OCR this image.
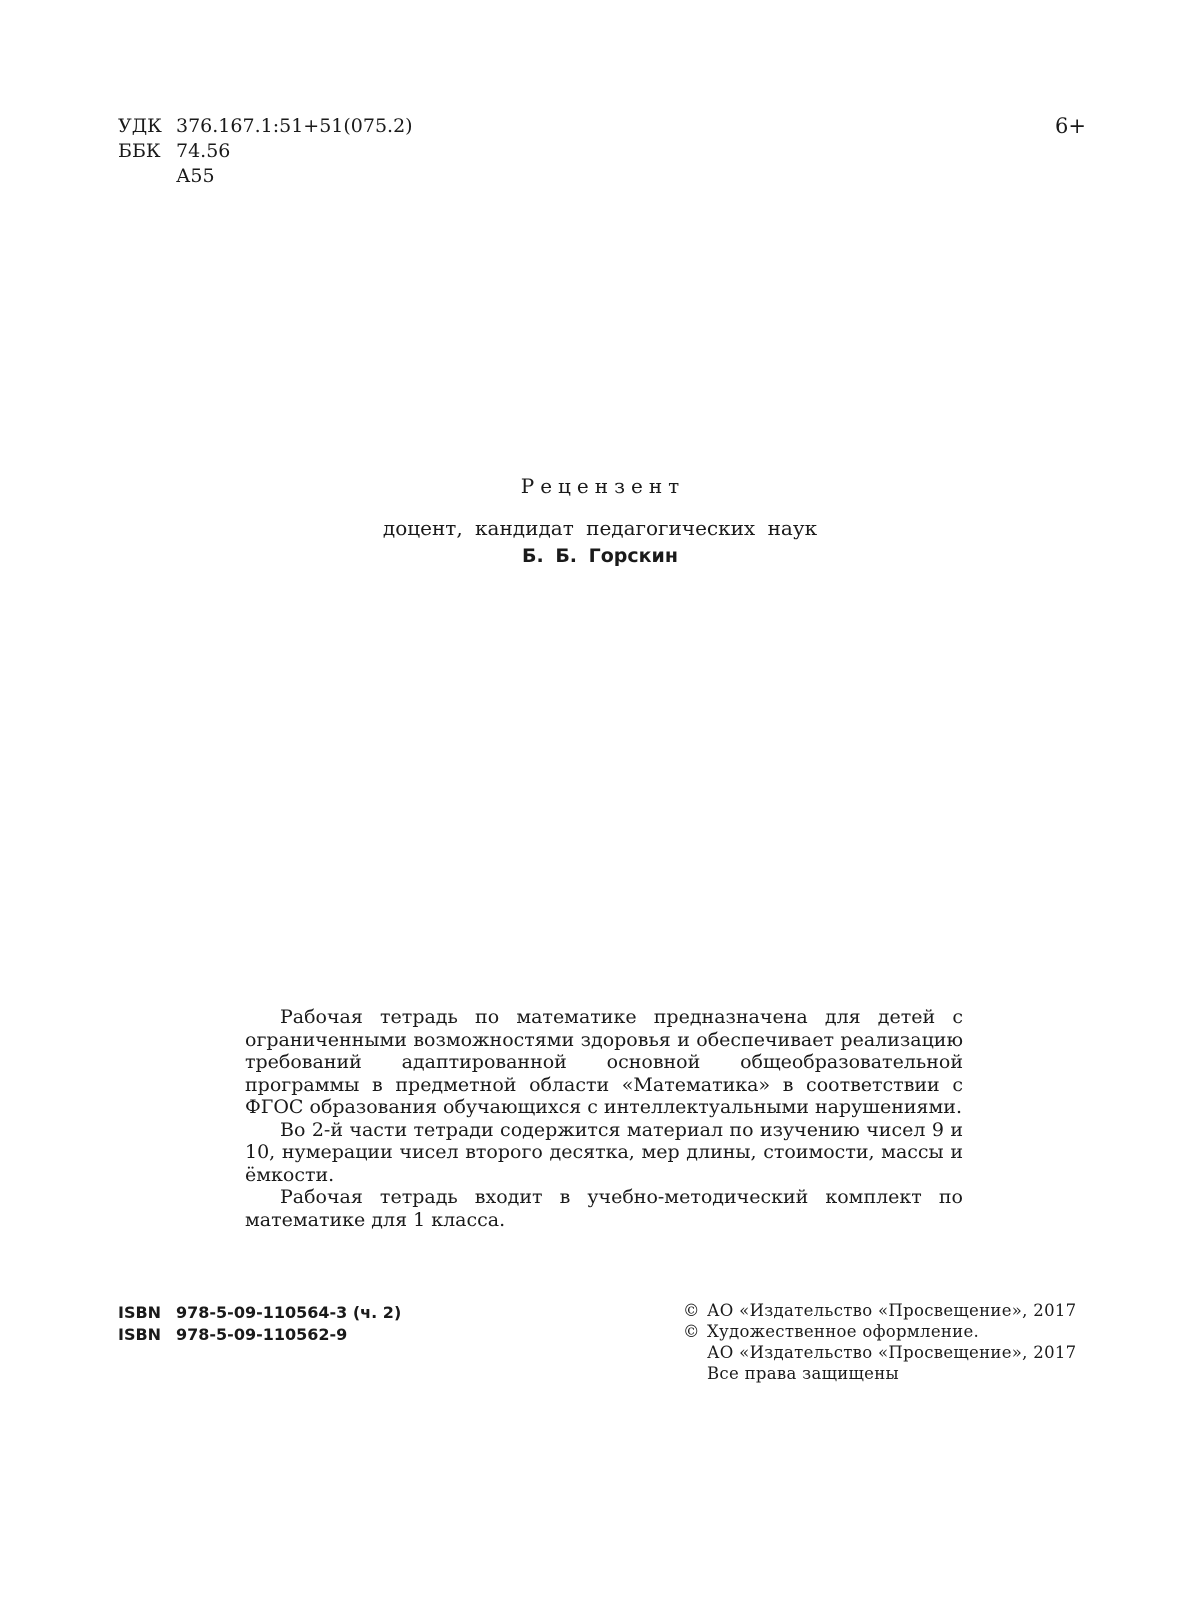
УДК 376.167.1:51+51(075.2)
ББК 74.56
А55
6+
Рецензент
доцент, кандидат педагогических наук
Б. Б. Горскин

Рабочая тетрадь по математике предназначена для детей с ограниченными возможностями здоровья и обеспечивает реализацию требований адаптированной основной общеобразовательной программы в предметной области «Математика» в соответствии с ФГОС образования обучающихся с интеллектуальными нарушениями.

Во 2-й части тетради содержится материал по изучению чисел 9 и 10, нумерации чисел второго десятка, мер длины, стоимости, массы и ёмкости.

Рабочая тетрадь входит в учебно-методический комплект по математике для 1 класса.

ISBN 978-5-09-110564-3 (ч. 2)
ISBN 978-5-09-110562-9
© АО «Издательство «Просвещение», 2017
© Художественное оформление.
АО «Издательство «Просвещение», 2017
Все права защищены
